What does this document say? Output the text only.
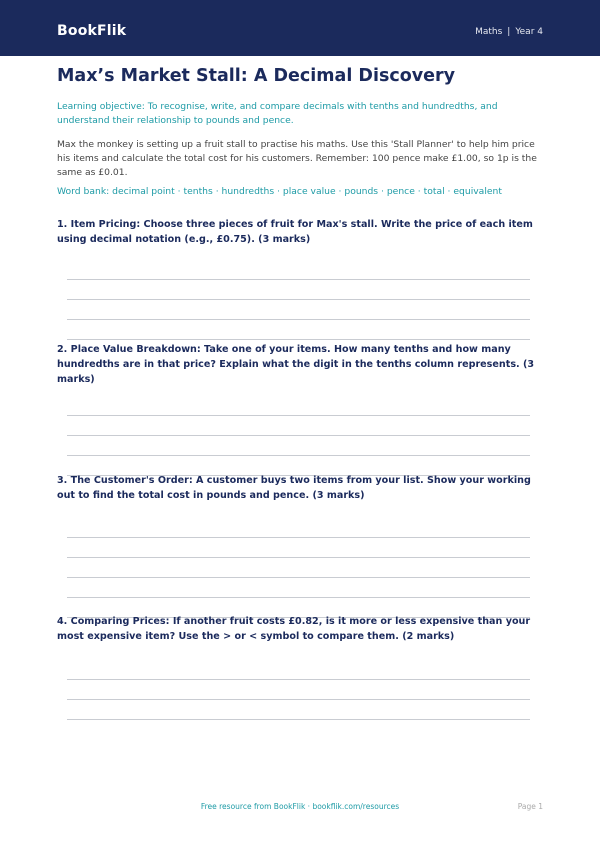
BookFlik	Maths | Year 4
Max’s Market Stall: A Decimal Discovery

Learning objective: To recognise, write, and compare decimals with tenths and hundredths, and understand their relationship to pounds and pence.

Max the monkey is setting up a fruit stall to practise his maths. Use this 'Stall Planner' to help him price his items and calculate the total cost for his customers. Remember: 100 pence make £1.00, so 1p is the same as £0.01.

Word bank: decimal point · tenths · hundredths · place value · pounds · pence · total · equivalent

1. Item Pricing: Choose three pieces of fruit for Max's stall. Write the price of each item using decimal notation (e.g., £0.75). (3 marks)

2. Place Value Breakdown: Take one of your items. How many tenths and how many hundredths are in that price? Explain what the digit in the tenths column represents. (3 marks)

3. The Customer's Order: A customer buys two items from your list. Show your working out to find the total cost in pounds and pence. (3 marks)

4. Comparing Prices: If another fruit costs £0.82, is it more or less expensive than your most expensive item? Use the > or < symbol to compare them. (2 marks)

Free resource from BookFlik · bookflik.com/resources	Page 1
